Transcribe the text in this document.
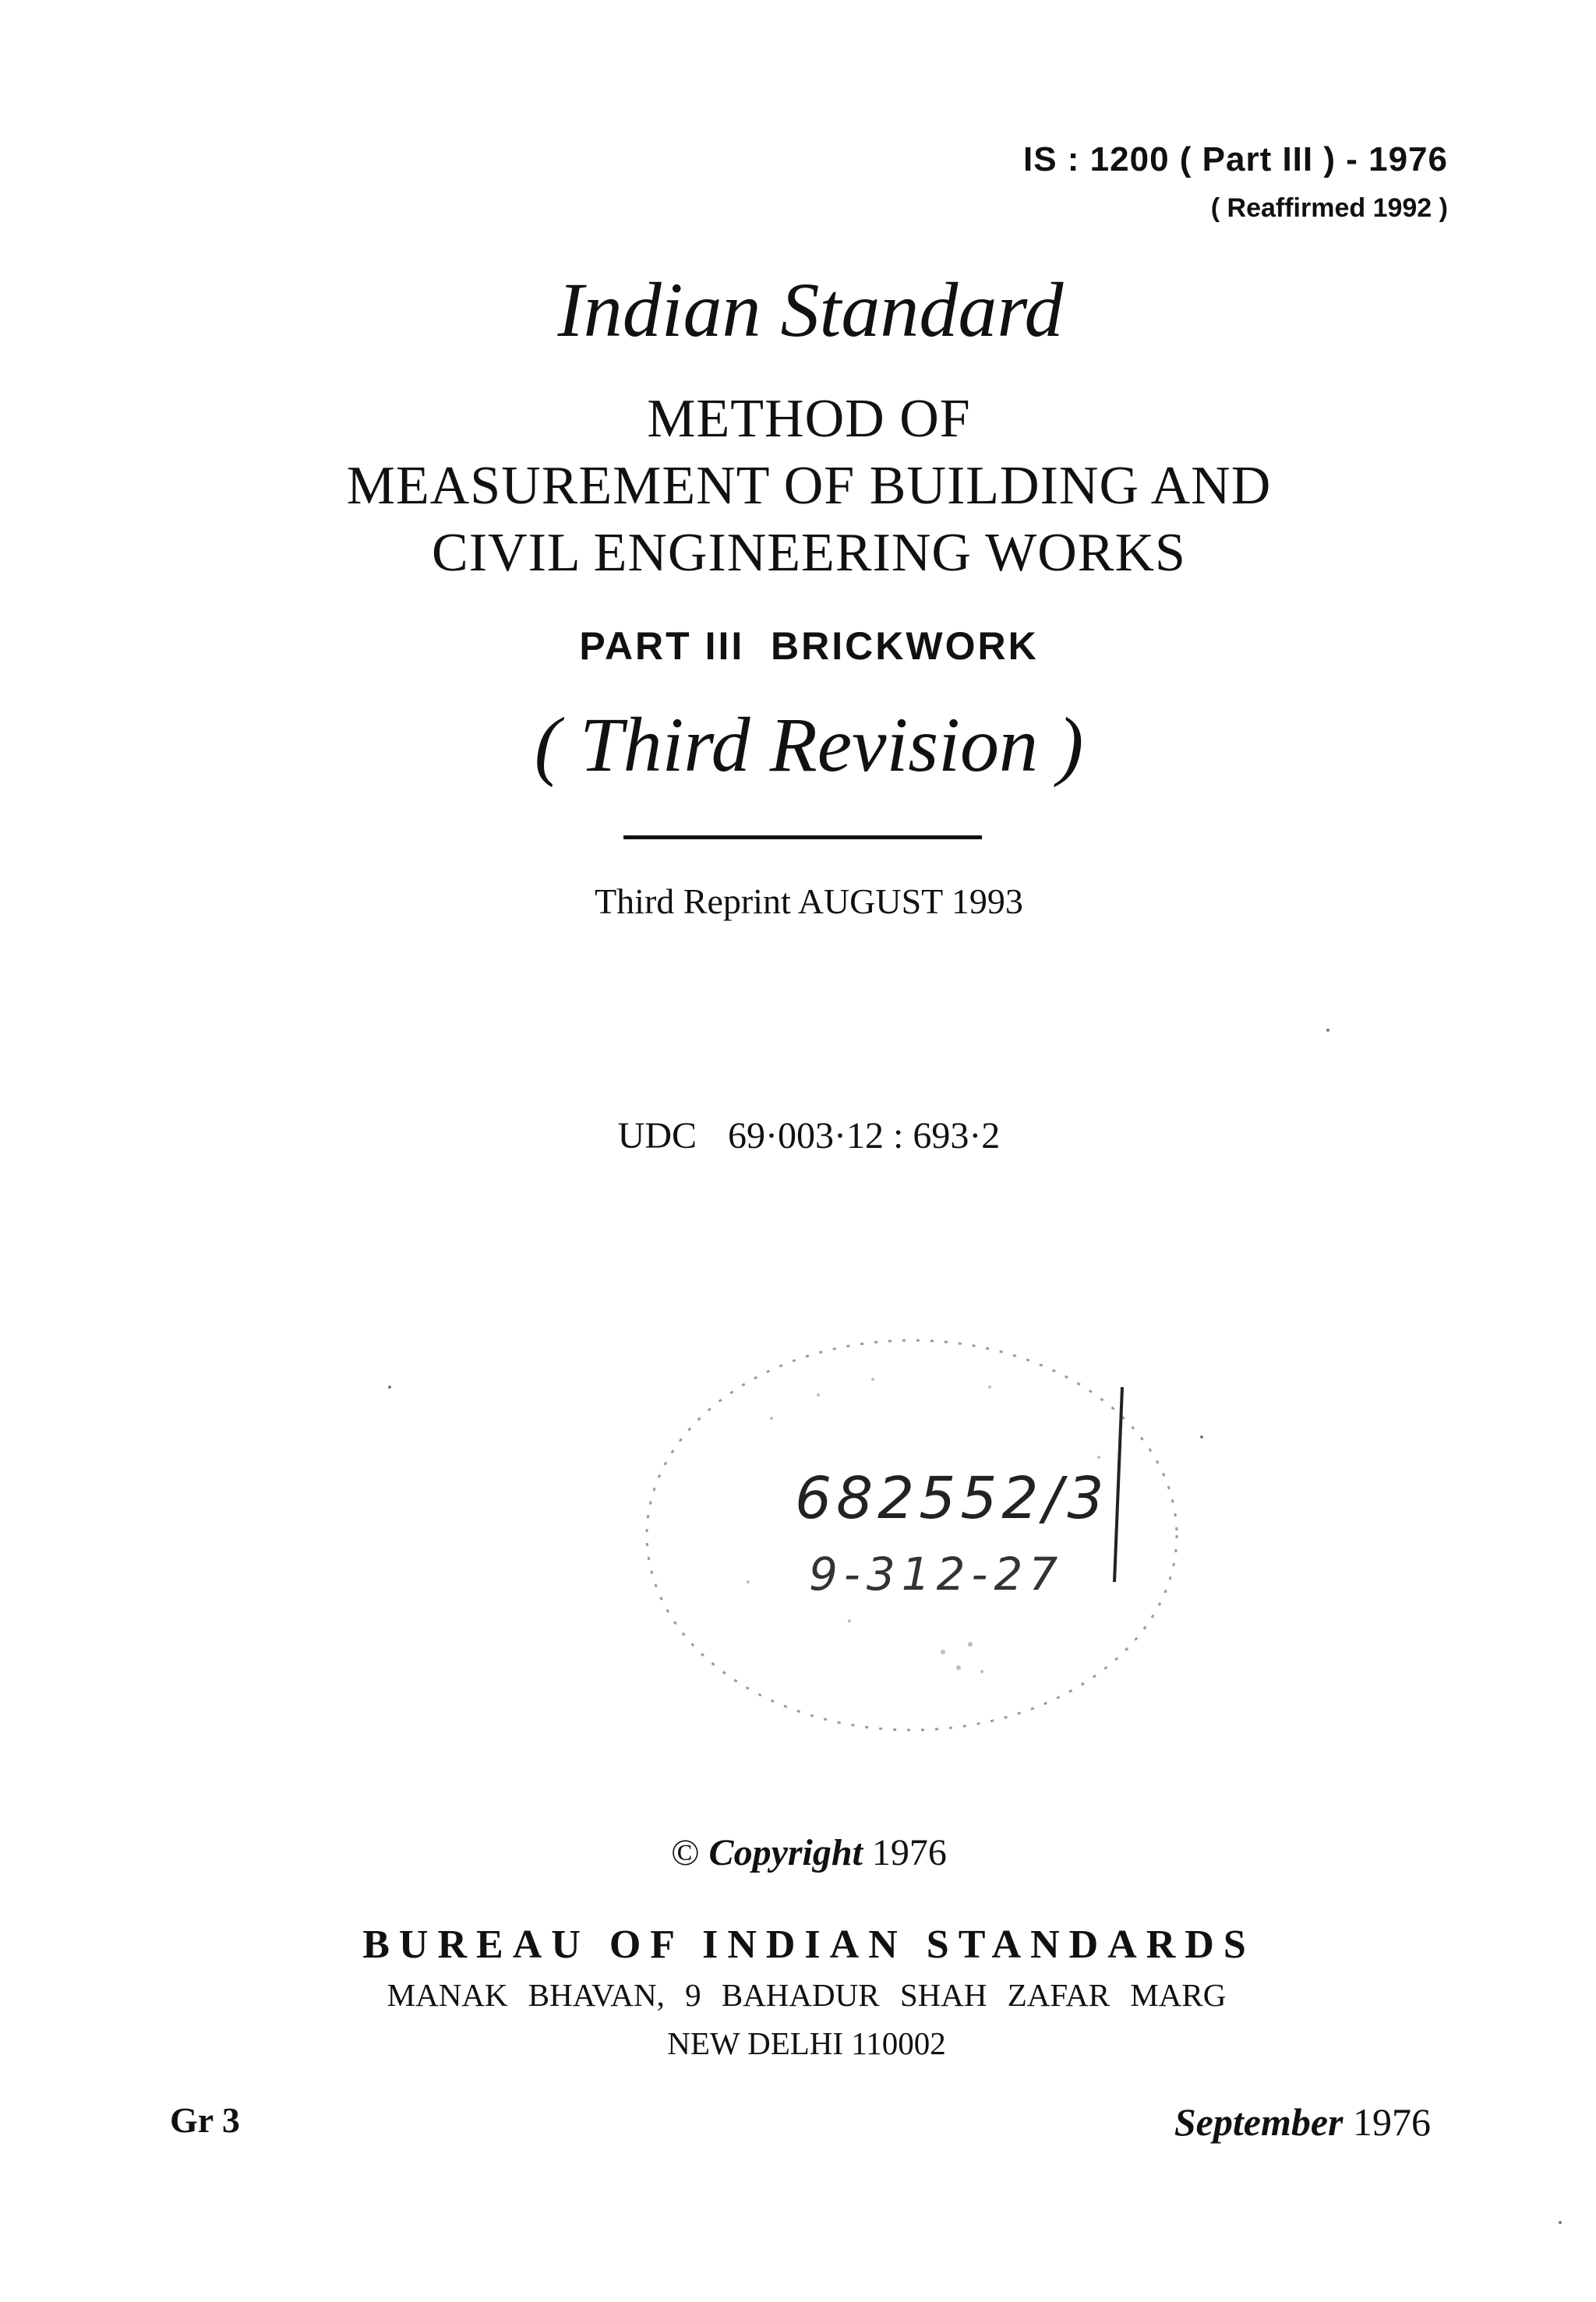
IS : 1200 ( Part III ) - 1976
( Reaffirmed 1992 )
Indian Standard
METHOD OF
MEASUREMENT OF BUILDING AND
CIVIL ENGINEERING WORKS
PART III  BRICKWORK
( Third Revision )
Third Reprint AUGUST 1993
UDC 69·003·12 : 693·2
682552/3
9-312-27
© Copyright 1976
BUREAU OF INDIAN STANDARDS
MANAK BHAVAN, 9 BAHADUR SHAH ZAFAR MARG
NEW DELHI 110002
Gr 3	September 1976
